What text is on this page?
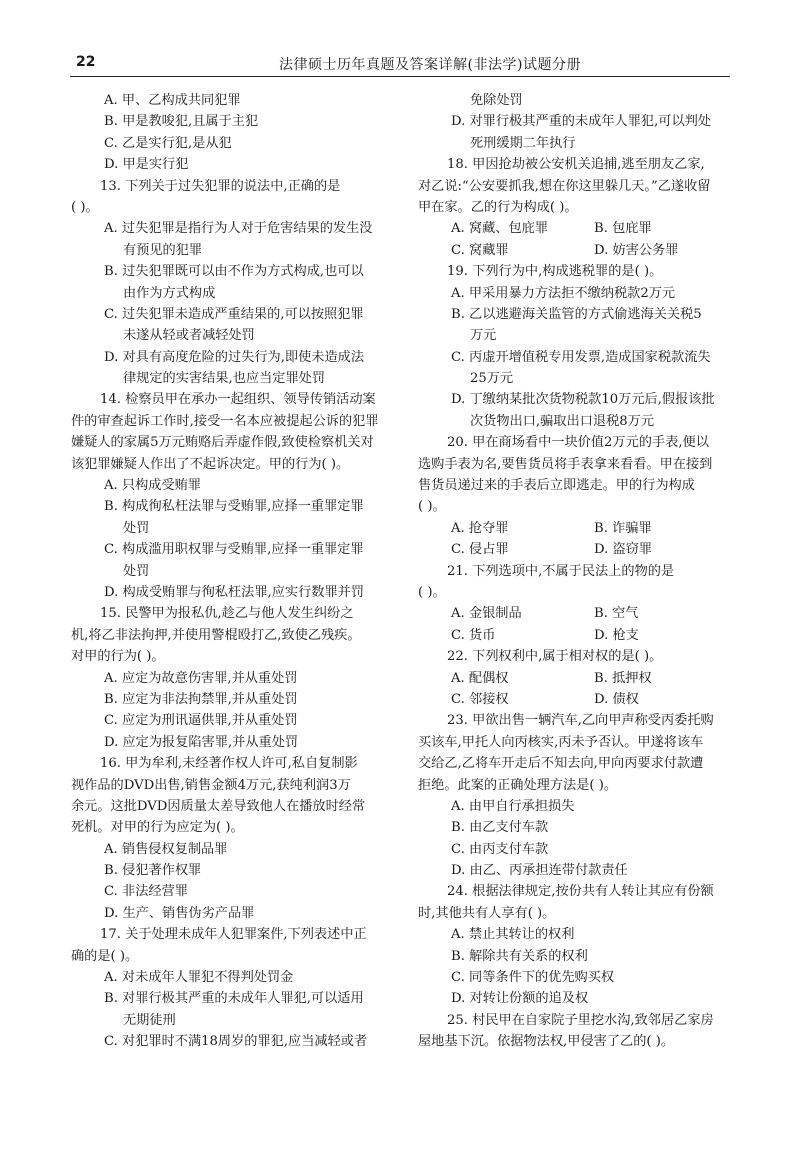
22	法律硕士历年真题及答案详解(非法学)试题分册
A. 甲、乙构成共同犯罪
B. 甲是教唆犯,且属于主犯
C. 乙是实行犯,是从犯
D. 甲是实行犯
13. 下列关于过失犯罪的说法中,正确的是
( )。
A. 过失犯罪是指行为人对于危害结果的发生没
有预见的犯罪
B. 过失犯罪既可以由不作为方式构成,也可以
由作为方式构成
C. 过失犯罪未造成严重结果的,可以按照犯罪
未遂从轻或者减轻处罚
D. 对具有高度危险的过失行为,即使未造成法
律规定的实害结果,也应当定罪处罚
14. 检察员甲在承办一起组织、领导传销活动案
件的审查起诉工作时,接受一名本应被提起公诉的犯罪
嫌疑人的家属5万元贿赂后弄虚作假,致使检察机关对
该犯罪嫌疑人作出了不起诉决定。甲的行为( )。
A. 只构成受贿罪
B. 构成徇私枉法罪与受贿罪,应择一重罪定罪
处罚
C. 构成滥用职权罪与受贿罪,应择一重罪定罪
处罚
D. 构成受贿罪与徇私枉法罪,应实行数罪并罚
15. 民警甲为报私仇,趁乙与他人发生纠纷之
机,将乙非法拘押,并使用警棍殴打乙,致使乙残疾。
对甲的行为( )。
A. 应定为故意伤害罪,并从重处罚
B. 应定为非法拘禁罪,并从重处罚
C. 应定为刑讯逼供罪,并从重处罚
D. 应定为报复陷害罪,并从重处罚
16. 甲为牟利,未经著作权人许可,私自复制影
视作品的DVD出售,销售金额4万元,获纯利润3万
余元。这批DVD因质量太差导致他人在播放时经常
死机。对甲的行为应定为( )。
A. 销售侵权复制品罪
B. 侵犯著作权罪
C. 非法经营罪
D. 生产、销售伪劣产品罪
17. 关于处理未成年人犯罪案件,下列表述中正
确的是( )。
A. 对未成年人罪犯不得判处罚金
B. 对罪行极其严重的未成年人罪犯,可以适用
无期徒刑
C. 对犯罪时不满18周岁的罪犯,应当减轻或者
免除处罚
D. 对罪行极其严重的未成年人罪犯,可以判处
死刑缓期二年执行
18. 甲因抢劫被公安机关追捕,逃至朋友乙家,
对乙说:“公安要抓我,想在你这里躲几天。”乙遂收留
甲在家。乙的行为构成( )。
A. 窝藏、包庇罪	B. 包庇罪
C. 窝藏罪	D. 妨害公务罪
19. 下列行为中,构成逃税罪的是( )。
A. 甲采用暴力方法拒不缴纳税款2万元
B. 乙以逃避海关监管的方式偷逃海关关税5
万元
C. 丙虚开增值税专用发票,造成国家税款流失
25万元
D. 丁缴纳某批次货物税款10万元后,假报该批
次货物出口,骗取出口退税8万元
20. 甲在商场看中一块价值2万元的手表,便以
选购手表为名,要售货员将手表拿来看看。甲在接到
售货员递过来的手表后立即逃走。甲的行为构成
( )。
A. 抢夺罪	B. 诈骗罪
C. 侵占罪	D. 盗窃罪
21. 下列选项中,不属于民法上的物的是
( )。
A. 金银制品	B. 空气
C. 货币	D. 枪支
22. 下列权利中,属于相对权的是( )。
A. 配偶权	B. 抵押权
C. 邻接权	D. 债权
23. 甲欲出售一辆汽车,乙向甲声称受丙委托购
买该车,甲托人向丙核实,丙未予否认。甲遂将该车
交给乙,乙将车开走后不知去向,甲向丙要求付款遭
拒绝。此案的正确处理方法是( )。
A. 由甲自行承担损失
B. 由乙支付车款
C. 由丙支付车款
D. 由乙、丙承担连带付款责任
24. 根据法律规定,按份共有人转让其应有份额
时,其他共有人享有( )。
A. 禁止其转让的权利
B. 解除共有关系的权利
C. 同等条件下的优先购买权
D. 对转让份额的追及权
25. 村民甲在自家院子里挖水沟,致邻居乙家房
屋地基下沉。依据物法权,甲侵害了乙的( )。
